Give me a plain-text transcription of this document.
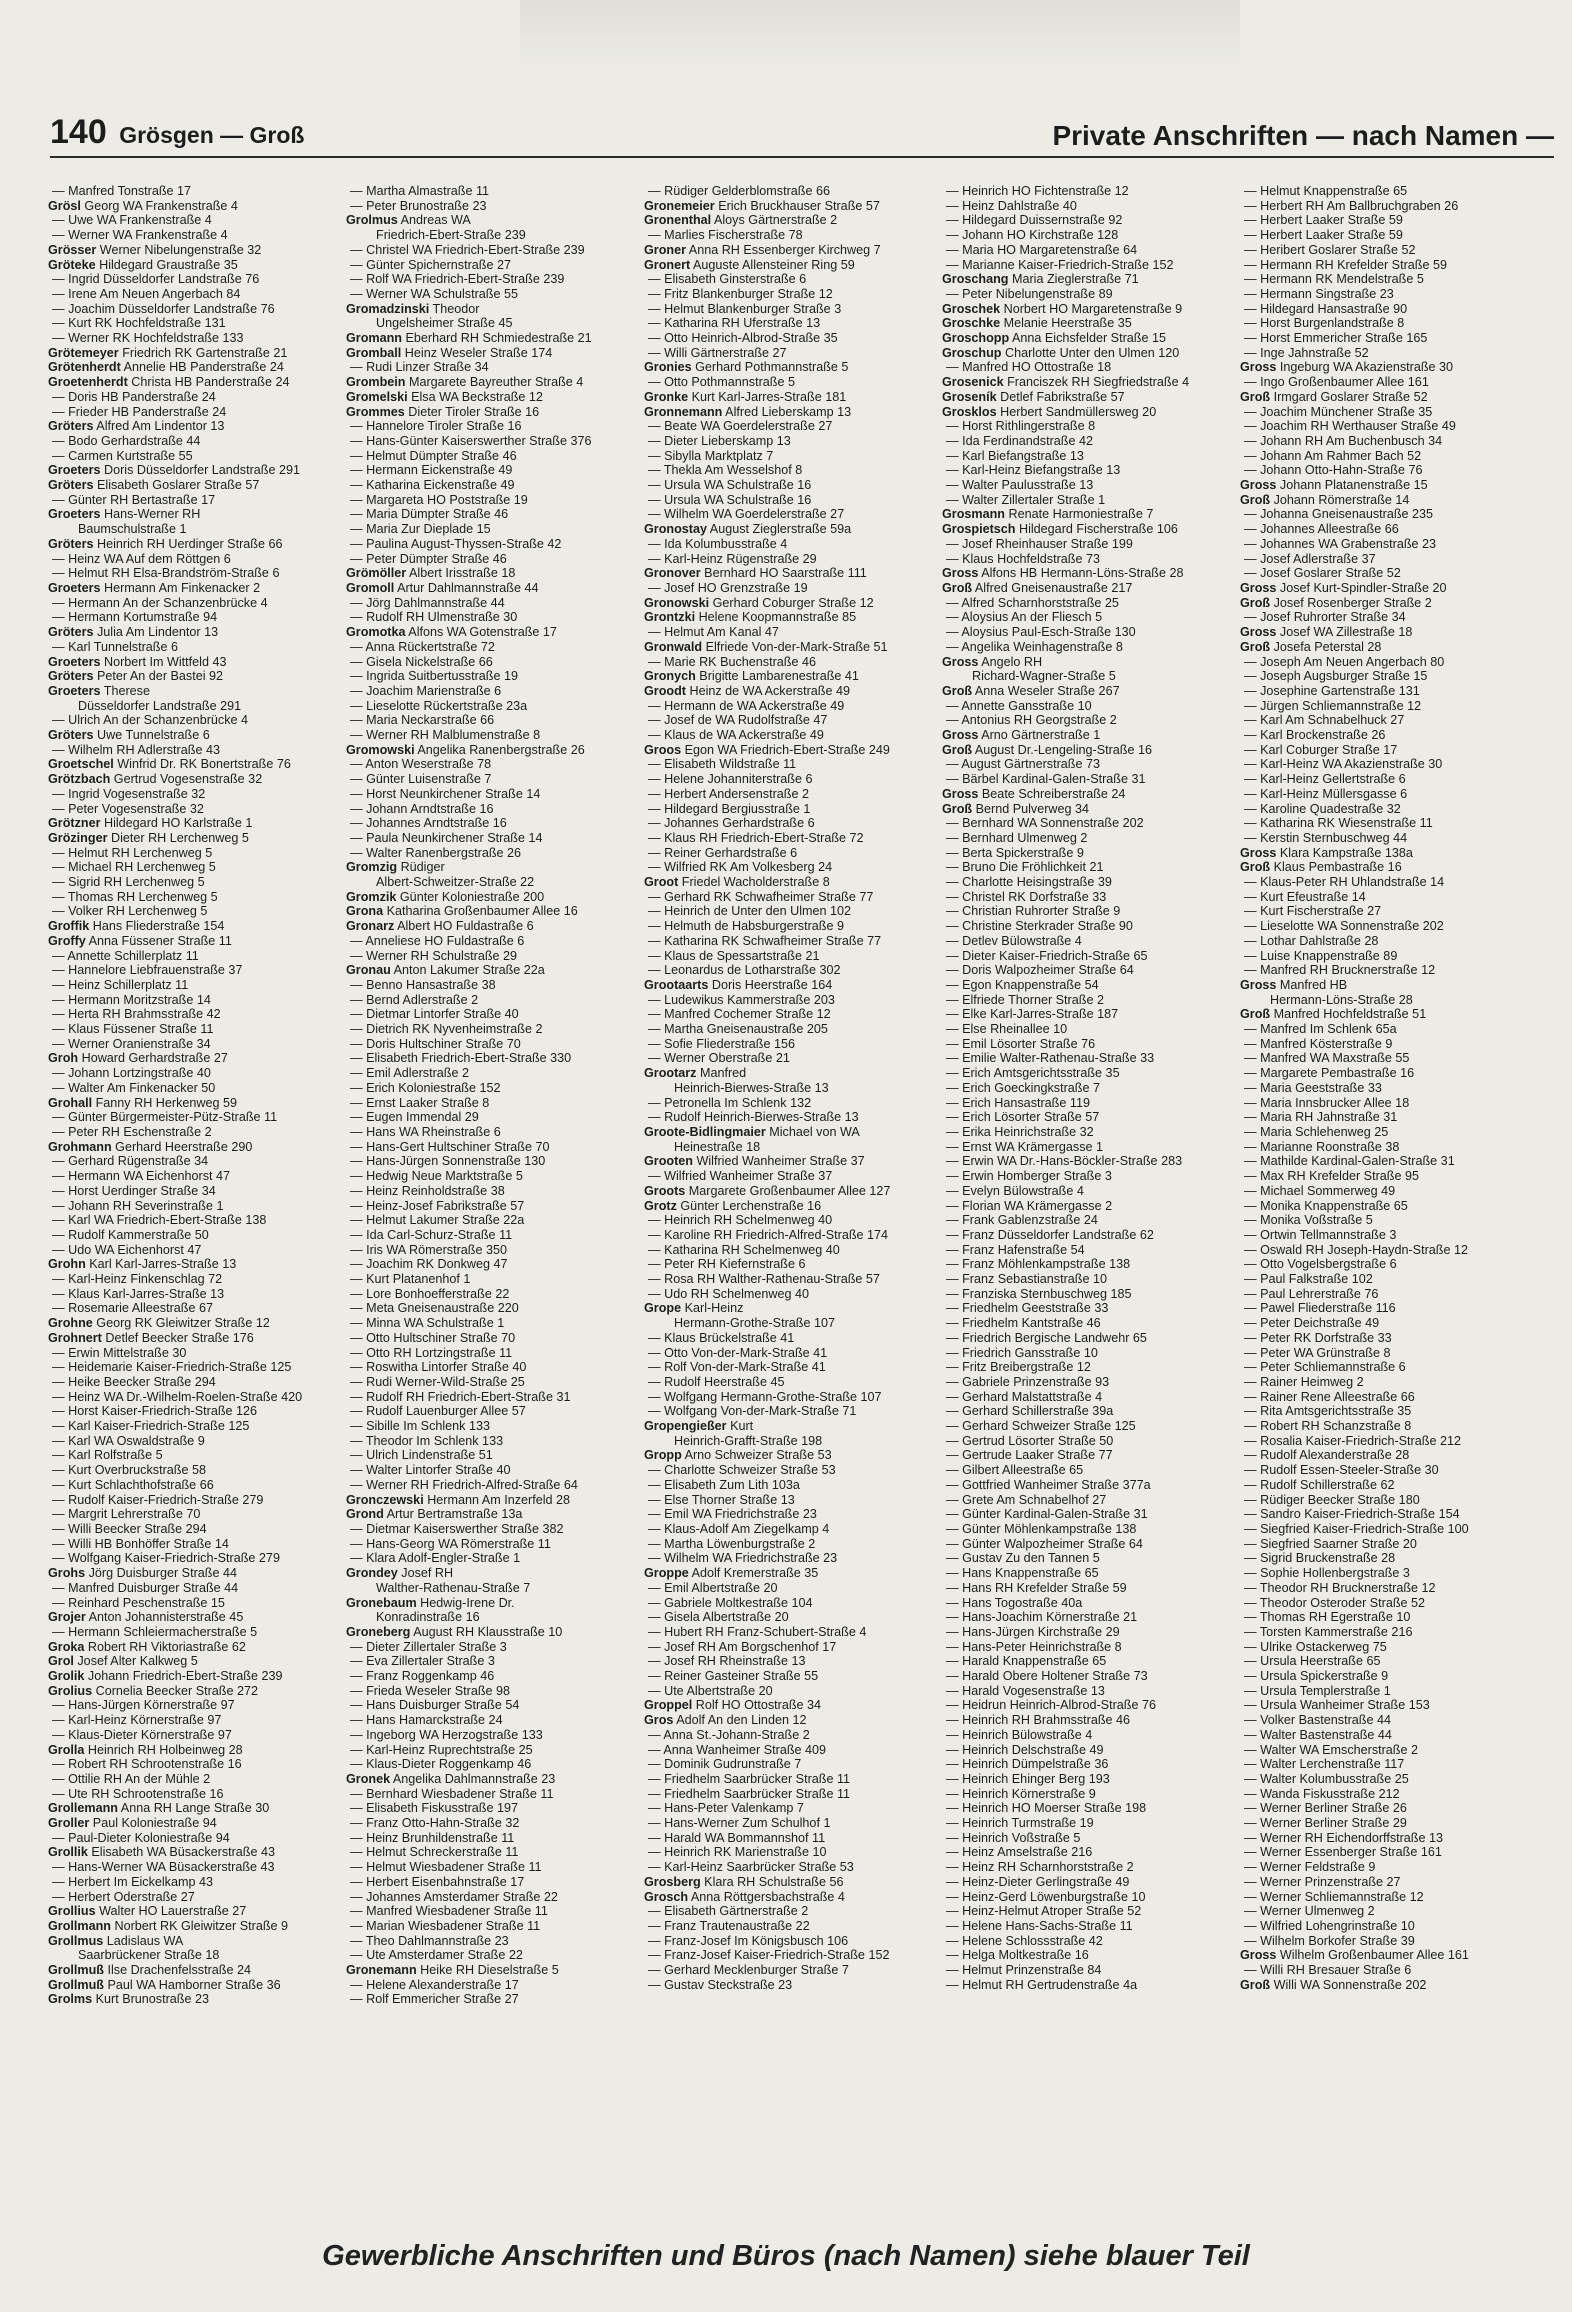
140 Grösgen — Groß	Private Anschriften — nach Namen —
— Manfred Tonstraße 17
Grösl Georg WA Frankenstraße 4
— Uwe WA Frankenstraße 4
— Werner WA Frankenstraße 4
Grösser Werner Nibelungenstraße 32
Gröteke Hildegard Graustraße 35
— Ingrid Düsseldorfer Landstraße 76
— Irene Am Neuen Angerbach 84
— Joachim Düsseldorfer Landstraße 76
— Kurt RK Hochfeldstraße 131
— Werner RK Hochfeldstraße 133
Grötemeyer Friedrich RK Gartenstraße 21
Grötenherdt Annelie HB Panderstraße 24
Groetenherdt Christa HB Panderstraße 24
— Doris HB Panderstraße 24
— Frieder HB Panderstraße 24
Gröters Alfred Am Lindentor 13
— Bodo Gerhardstraße 44
— Carmen Kurtstraße 55
Groeters Doris Düsseldorfer Landstraße 291
Gröters Elisabeth Goslarer Straße 57
— Günter RH Bertastraße 17
Groeters Hans-Werner RH
Baumschulstraße 1
Gröters Heinrich RH Uerdinger Straße 66
— Heinz WA Auf dem Röttgen 6
— Helmut RH Elsa-Brandström-Straße 6
Groeters Hermann Am Finkenacker 2
— Hermann An der Schanzenbrücke 4
— Hermann Kortumstraße 94
Gröters Julia Am Lindentor 13
— Karl Tunnelstraße 6
Groeters Norbert Im Wittfeld 43
Gröters Peter An der Bastei 92
Groeters Therese
Düsseldorfer Landstraße 291
— Ulrich An der Schanzenbrücke 4
Gröters Uwe Tunnelstraße 6
— Wilhelm RH Adlerstraße 43
Groetschel Winfrid Dr. RK Bonertstraße 76
Grötzbach Gertrud Vogesenstraße 32
— Ingrid Vogesenstraße 32
— Peter Vogesenstraße 32
Grötzner Hildegard HO Karlstraße 1
Grözinger Dieter RH Lerchenweg 5
— Helmut RH Lerchenweg 5
— Michael RH Lerchenweg 5
— Sigrid RH Lerchenweg 5
— Thomas RH Lerchenweg 5
— Volker RH Lerchenweg 5
Groffik Hans Fliederstraße 154
Groffy Anna Füssener Straße 11
— Annette Schillerplatz 11
— Hannelore Liebfrauenstraße 37
— Heinz Schillerplatz 11
— Hermann Moritzstraße 14
— Herta RH Brahmsstraße 42
— Klaus Füssener Straße 11
— Werner Oranienstraße 34
Groh Howard Gerhardstraße 27
— Johann Lortzingstraße 40
— Walter Am Finkenacker 50
Grohall Fanny RH Herkenweg 59
— Günter Bürgermeister-Pütz-Straße 11
— Peter RH Eschenstraße 2
Grohmann Gerhard Heerstraße 290
— Gerhard Rügenstraße 34
— Hermann WA Eichenhorst 47
— Horst Uerdinger Straße 34
— Johann RH Severinstraße 1
— Karl WA Friedrich-Ebert-Straße 138
— Rudolf Kammerstraße 50
— Udo WA Eichenhorst 47
Grohn Karl Karl-Jarres-Straße 13
— Karl-Heinz Finkenschlag 72
— Klaus Karl-Jarres-Straße 13
— Rosemarie Alleestraße 67
Grohne Georg RK Gleiwitzer Straße 12
Grohnert Detlef Beecker Straße 176
— Erwin Mittelstraße 30
— Heidemarie Kaiser-Friedrich-Straße 125
— Heike Beecker Straße 294
— Heinz WA Dr.-Wilhelm-Roelen-Straße 420
— Horst Kaiser-Friedrich-Straße 126
— Karl Kaiser-Friedrich-Straße 125
— Karl WA Oswaldstraße 9
— Karl Rolfstraße 5
— Kurt Overbruckstraße 58
— Kurt Schlachthofstraße 66
— Rudolf Kaiser-Friedrich-Straße 279
— Margrit Lehrerstraße 70
— Willi Beecker Straße 294
— Willi HB Bonhöffer Straße 14
— Wolfgang Kaiser-Friedrich-Straße 279
Grohs Jörg Duisburger Straße 44
— Manfred Duisburger Straße 44
— Reinhard Peschenstraße 15
Grojer Anton Johannisterstraße 45
— Hermann Schleiermacherstraße 5
Groka Robert RH Viktoriastraße 62
Grol Josef Alter Kalkweg 5
Grolik Johann Friedrich-Ebert-Straße 239
Grolius Cornelia Beecker Straße 272
— Hans-Jürgen Körnerstraße 97
— Karl-Heinz Körnerstraße 97
— Klaus-Dieter Körnerstraße 97
Grolla Heinrich RH Holbeinweg 28
— Robert RH Schrootenstraße 16
— Ottilie RH An der Mühle 2
— Ute RH Schrootenstraße 16
Grollemann Anna RH Lange Straße 30
Groller Paul Koloniestraße 94
— Paul-Dieter Koloniestraße 94
Grollik Elisabeth WA Büsackerstraße 43
— Hans-Werner WA Büsackerstraße 43
— Herbert Im Eickelkamp 43
— Herbert Oderstraße 27
Grollius Walter HO Lauerstraße 27
Grollmann Norbert RK Gleiwitzer Straße 9
Grollmus Ladislaus WA
Saarbrückener Straße 18
Grollmuß Ilse Drachenfelsstraße 24
Grollmuß Paul WA Hamborner Straße 36
Grolms Kurt Brunostraße 23
— Martha Almastraße 11
— Peter Brunostraße 23
Grolmus Andreas WA
Friedrich-Ebert-Straße 239
— Christel WA Friedrich-Ebert-Straße 239
— Günter Spichernstraße 27
— Rolf WA Friedrich-Ebert-Straße 239
— Werner WA Schulstraße 55
Gromadzinski Theodor
Ungelsheimer Straße 45
Gromann Eberhard RH Schmiedestraße 21
Gromball Heinz Weseler Straße 174
— Rudi Linzer Straße 34
Grombein Margarete Bayreuther Straße 4
Gromelski Elsa WA Beckstraße 12
Grommes Dieter Tiroler Straße 16
— Hannelore Tiroler Straße 16
— Hans-Günter Kaiserswerther Straße 376
— Helmut Dümpter Straße 46
— Hermann Eickenstraße 49
— Katharina Eickenstraße 49
— Margareta HO Poststraße 19
— Maria Dümpter Straße 46
— Maria Zur Dieplade 15
— Paulina August-Thyssen-Straße 42
— Peter Dümpter Straße 46
Grömöller Albert Irisstraße 18
Gromoll Artur Dahlmannstraße 44
— Jörg Dahlmannstraße 44
— Rudolf RH Ulmenstraße 30
Gromotka Alfons WA Gotenstraße 17
— Anna Rückertstraße 72
— Gisela Nickelstraße 66
— Ingrida Suitbertusstraße 19
— Joachim Marienstraße 6
— Lieselotte Rückertstraße 23a
— Maria Neckarstraße 66
— Werner RH Malblumenstraße 8
Gromowski Angelika Ranenbergstraße 26
— Anton Weserstraße 78
— Günter Luisenstraße 7
— Horst Neunkirchener Straße 14
— Johann Arndtstraße 16
— Johannes Arndtstraße 16
— Paula Neunkirchener Straße 14
— Walter Ranenbergstraße 26
Gromzig Rüdiger
Albert-Schweitzer-Straße 22
Gromzik Günter Koloniestraße 200
Grona Katharina Großenbaumer Allee 16
Gronarz Albert HO Fuldastraße 6
— Anneliese HO Fuldastraße 6
— Werner RH Schulstraße 29
Gronau Anton Lakumer Straße 22a
— Benno Hansastraße 38
— Bernd Adlerstraße 2
— Dietmar Lintorfer Straße 40
— Dietrich RK Nyvenheimstraße 2
— Doris Hultschiner Straße 70
— Elisabeth Friedrich-Ebert-Straße 330
— Emil Adlerstraße 2
— Erich Koloniestraße 152
— Ernst Laaker Straße 8
— Eugen Immendal 29
— Hans WA Rheinstraße 6
— Hans-Gert Hultschiner Straße 70
— Hans-Jürgen Sonnenstraße 130
— Hedwig Neue Marktstraße 5
— Heinz Reinholdstraße 38
— Heinz-Josef Fabrikstraße 57
— Helmut Lakumer Straße 22a
— Ida Carl-Schurz-Straße 11
— Iris WA Römerstraße 350
— Joachim RK Donkweg 47
— Kurt Platanenhof 1
— Lore Bonhoefferstraße 22
— Meta Gneisenaustraße 220
— Minna WA Schulstraße 1
— Otto Hultschiner Straße 70
— Otto RH Lortzingstraße 11
— Roswitha Lintorfer Straße 40
— Rudi Werner-Wild-Straße 25
— Rudolf RH Friedrich-Ebert-Straße 31
— Rudolf Lauenburger Allee 57
— Sibille Im Schlenk 133
— Theodor Im Schlenk 133
— Ulrich Lindenstraße 51
— Walter Lintorfer Straße 40
— Werner RH Friedrich-Alfred-Straße 64
Gronczewski Hermann Am Inzerfeld 28
Grond Artur Bertramstraße 13a
— Dietmar Kaiserswerther Straße 382
— Hans-Georg WA Römerstraße 11
— Klara Adolf-Engler-Straße 1
Grondey Josef RH
Walther-Rathenau-Straße 7
Gronebaum Hedwig-Irene Dr.
Konradinstraße 16
Groneberg August RH Klausstraße 10
— Dieter Zillertaler Straße 3
— Eva Zillertaler Straße 3
— Franz Roggenkamp 46
— Frieda Weseler Straße 98
— Hans Duisburger Straße 54
— Hans Hamarckstraße 24
— Ingeborg WA Herzogstraße 133
— Karl-Heinz Ruprechtstraße 25
— Klaus-Dieter Roggenkamp 46
Gronek Angelika Dahlmannstraße 23
— Bernhard Wiesbadener Straße 11
— Elisabeth Fiskusstraße 197
— Franz Otto-Hahn-Straße 32
— Heinz Brunhildenstraße 11
— Helmut Schreckerstraße 11
— Helmut Wiesbadener Straße 11
— Herbert Eisenbahnstraße 17
— Johannes Amsterdamer Straße 22
— Manfred Wiesbadener Straße 11
— Marian Wiesbadener Straße 11
— Theo Dahlmannstraße 23
— Ute Amsterdamer Straße 22
Gronemann Heike RH Dieselstraße 5
— Helene Alexanderstraße 17
— Rolf Emmericher Straße 27
— Rüdiger Gelderblomstraße 66
Gronemeier Erich Bruckhauser Straße 57
Gronenthal Aloys Gärtnerstraße 2
— Marlies Fischerstraße 78
Groner Anna RH Essenberger Kirchweg 7
Gronert Auguste Allensteiner Ring 59
— Elisabeth Ginsterstraße 6
— Fritz Blankenburger Straße 12
— Helmut Blankenburger Straße 3
— Katharina RH Uferstraße 13
— Otto Heinrich-Albrod-Straße 35
— Willi Gärtnerstraße 27
Gronies Gerhard Pothmannstraße 5
— Otto Pothmannstraße 5
Gronke Kurt Karl-Jarres-Straße 181
Gronnemann Alfred Lieberskamp 13
— Beate WA Goerdelerstraße 27
— Dieter Lieberskamp 13
— Sibylla Marktplatz 7
— Thekla Am Wesselshof 8
— Ursula WA Schulstraße 16
— Ursula WA Schulstraße 16
— Wilhelm WA Goerdelerstraße 27
Gronostay August Zieglerstraße 59a
— Ida Kolumbusstraße 4
— Karl-Heinz Rügenstraße 29
Gronover Bernhard HO Saarstraße 111
— Josef HO Grenzstraße 19
Gronowski Gerhard Coburger Straße 12
Grontzki Helene Koopmannstraße 85
— Helmut Am Kanal 47
Gronwald Elfriede Von-der-Mark-Straße 51
— Marie RK Buchenstraße 46
Gronych Brigitte Lambarenestraße 41
Groodt Heinz de WA Ackerstraße 49
— Hermann de WA Ackerstraße 49
— Josef de WA Rudolfstraße 47
— Klaus de WA Ackerstraße 49
Groos Egon WA Friedrich-Ebert-Straße 249
— Elisabeth Wildstraße 11
— Helene Johanniterstraße 6
— Herbert Andersenstraße 2
— Hildegard Bergiusstraße 1
— Johannes Gerhardstraße 6
— Klaus RH Friedrich-Ebert-Straße 72
— Reiner Gerhardstraße 6
— Wilfried RK Am Volkesberg 24
Groot Friedel Wacholderstraße 8
— Gerhard RK Schwafheimer Straße 77
— Heinrich de Unter den Ulmen 102
— Helmuth de Habsburgerstraße 9
— Katharina RK Schwafheimer Straße 77
— Klaus de Spessartstraße 21
— Leonardus de Lotharstraße 302
Grootaarts Doris Heerstraße 164
— Ludewikus Kammerstraße 203
— Manfred Cochemer Straße 12
— Martha Gneisenaustraße 205
— Sofie Fliederstraße 156
— Werner Oberstraße 21
Grootarz Manfred
Heinrich-Bierwes-Straße 13
— Petronella Im Schlenk 132
— Rudolf Heinrich-Bierwes-Straße 13
Groote-Bidlingmaier Michael von WA
Heinestraße 18
Grooten Wilfried Wanheimer Straße 37
— Wilfried Wanheimer Straße 37
Groots Margarete Großenbaumer Allee 127
Grotz Günter Lerchenstraße 16
— Heinrich RH Schelmenweg 40
— Karoline RH Friedrich-Alfred-Straße 174
— Katharina RH Schelmenweg 40
— Peter RH Kiefernstraße 6
— Rosa RH Walther-Rathenau-Straße 57
— Udo RH Schelmenweg 40
Grope Karl-Heinz
Hermann-Grothe-Straße 107
— Klaus Brückelstraße 41
— Otto Von-der-Mark-Straße 41
— Rolf Von-der-Mark-Straße 41
— Rudolf Heerstraße 45
— Wolfgang Hermann-Grothe-Straße 107
— Wolfgang Von-der-Mark-Straße 71
Gropengießer Kurt
Heinrich-Grafft-Straße 198
Gropp Arno Schweizer Straße 53
— Charlotte Schweizer Straße 53
— Elisabeth Zum Lith 103a
— Else Thorner Straße 13
— Emil WA Friedrichstraße 23
— Klaus-Adolf Am Ziegelkamp 4
— Martha Löwenburgstraße 2
— Wilhelm WA Friedrichstraße 23
Groppe Adolf Kremerstraße 35
— Emil Albertstraße 20
— Gabriele Moltkestraße 104
— Gisela Albertstraße 20
— Hubert RH Franz-Schubert-Straße 4
— Josef RH Am Borgschenhof 17
— Josef RH Rheinstraße 13
— Reiner Gasteiner Straße 55
— Ute Albertstraße 20
Groppel Rolf HO Ottostraße 34
Gros Adolf An den Linden 12
— Anna St.-Johann-Straße 2
— Anna Wanheimer Straße 409
— Dominik Gudrunstraße 7
— Friedhelm Saarbrücker Straße 11
— Friedhelm Saarbrücker Straße 11
— Hans-Peter Valenkamp 7
— Hans-Werner Zum Schulhof 1
— Harald WA Bommannshof 11
— Heinrich RK Marienstraße 10
— Karl-Heinz Saarbrücker Straße 53
Grosberg Klara RH Schulstraße 56
Grosch Anna Röttgersbachstraße 4
— Elisabeth Gärtnerstraße 2
— Franz Trautenaustraße 22
— Franz-Josef Im Königsbusch 106
— Franz-Josef Kaiser-Friedrich-Straße 152
— Gerhard Mecklenburger Straße 7
— Gustav Steckstraße 23
— Heinrich HO Fichtenstraße 12
— Heinz Dahlstraße 40
— Hildegard Duissernstraße 92
— Johann HO Kirchstraße 128
— Maria HO Margaretenstraße 64
— Marianne Kaiser-Friedrich-Straße 152
Groschang Maria Zieglerstraße 71
— Peter Nibelungenstraße 89
Groschek Norbert HO Margaretenstraße 9
Groschke Melanie Heerstraße 35
Groschopp Anna Eichsfelder Straße 15
Groschup Charlotte Unter den Ulmen 120
— Manfred HO Ottostraße 18
Grosenick Franciszek RH Siegfriedstraße 4
Groseník Detlef Fabrikstraße 57
Grosklos Herbert Sandmüllersweg 20
— Horst Rithlingerstraße 8
— Ida Ferdinandstraße 42
— Karl Biefangstraße 13
— Karl-Heinz Biefangstraße 13
— Walter Paulusstraße 13
— Walter Zillertaler Straße 1
Grosmann Renate Harmoniestraße 7
Grospietsch Hildegard Fischerstraße 106
— Josef Rheinhauser Straße 199
— Klaus Hochfeldstraße 73
Gross Alfons HB Hermann-Löns-Straße 28
Groß Alfred Gneisenaustraße 217
— Alfred Scharnhorststraße 25
— Aloysius An der Fliesch 5
— Aloysius Paul-Esch-Straße 130
— Angelika Weinhagenstraße 8
Gross Angelo RH
Richard-Wagner-Straße 5
Groß Anna Weseler Straße 267
— Annette Gansstraße 10
— Antonius RH Georgstraße 2
Gross Arno Gärtnerstraße 1
Groß August Dr.-Lengeling-Straße 16
— August Gärtnerstraße 73
— Bärbel Kardinal-Galen-Straße 31
Gross Beate Schreiberstraße 24
Groß Bernd Pulverweg 34
— Bernhard WA Sonnenstraße 202
— Bernhard Ulmenweg 2
— Berta Spickerstraße 9
— Bruno Die Fröhlichkeit 21
— Charlotte Heisingstraße 39
— Christel RK Dorfstraße 33
— Christian Ruhrorter Straße 9
— Christine Sterkrader Straße 90
— Detlev Bülowstraße 4
— Dieter Kaiser-Friedrich-Straße 65
— Doris Walpozheimer Straße 64
— Egon Knappenstraße 54
— Elfriede Thorner Straße 2
— Elke Karl-Jarres-Straße 187
— Else Rheinallee 10
— Emil Lösorter Straße 76
— Emilie Walter-Rathenau-Straße 33
— Erich Amtsgerichtsstraße 35
— Erich Goeckingkstraße 7
— Erich Hansastraße 119
— Erich Lösorter Straße 57
— Erika Heinrichstraße 32
— Ernst WA Krämergasse 1
— Erwin WA Dr.-Hans-Böckler-Straße 283
— Erwin Homberger Straße 3
— Evelyn Bülowstraße 4
— Florian WA Krämergasse 2
— Frank Gablenzstraße 24
— Franz Düsseldorfer Landstraße 62
— Franz Hafenstraße 54
— Franz Möhlenkampstraße 138
— Franz Sebastianstraße 10
— Franziska Sternbuschweg 185
— Friedhelm Geeststraße 33
— Friedhelm Kantstraße 46
— Friedrich Bergische Landwehr 65
— Friedrich Gansstraße 10
— Fritz Breibergstraße 12
— Gabriele Prinzenstraße 93
— Gerhard Malstattstraße 4
— Gerhard Schillerstraße 39a
— Gerhard Schweizer Straße 125
— Gertrud Lösorter Straße 50
— Gertrude Laaker Straße 77
— Gilbert Alleestraße 65
— Gottfried Wanheimer Straße 377a
— Grete Am Schnabelhof 27
— Günter Kardinal-Galen-Straße 31
— Günter Möhlenkampstraße 138
— Günter Walpozheimer Straße 64
— Gustav Zu den Tannen 5
— Hans Knappenstraße 65
— Hans RH Krefelder Straße 59
— Hans Togostraße 40a
— Hans-Joachim Körnerstraße 21
— Hans-Jürgen Kirchstraße 29
— Hans-Peter Heinrichstraße 8
— Harald Knappenstraße 65
— Harald Obere Holtener Straße 73
— Harald Vogesenstraße 13
— Heidrun Heinrich-Albrod-Straße 76
— Heinrich RH Brahmsstraße 46
— Heinrich Bülowstraße 4
— Heinrich Delschstraße 49
— Heinrich Dümpelstraße 36
— Heinrich Ehinger Berg 193
— Heinrich Körnerstraße 9
— Heinrich HO Moerser Straße 198
— Heinrich Turmstraße 19
— Heinrich Voßstraße 5
— Heinz Amselstraße 216
— Heinz RH Scharnhorststraße 2
— Heinz-Dieter Gerlingstraße 49
— Heinz-Gerd Löwenburgstraße 10
— Heinz-Helmut Atroper Straße 52
— Helene Hans-Sachs-Straße 11
— Helene Schlossstraße 42
— Helga Moltkestraße 16
— Helmut Prinzenstraße 84
— Helmut RH Gertrudenstraße 4a
— Helmut Knappenstraße 65
— Herbert RH Am Ballbruchgraben 26
— Herbert Laaker Straße 59
— Herbert Laaker Straße 59
— Heribert Goslarer Straße 52
— Hermann RH Krefelder Straße 59
— Hermann RK Mendelstraße 5
— Hermann Singstraße 23
— Hildegard Hansastraße 90
— Horst Burgenlandstraße 8
— Horst Emmericher Straße 165
— Inge Jahnstraße 52
Gross Ingeburg WA Akazienstraße 30
— Ingo Großenbaumer Allee 161
Groß Irmgard Goslarer Straße 52
— Joachim Münchener Straße 35
— Joachim RH Werthauser Straße 49
— Johann RH Am Buchenbusch 34
— Johann Am Rahmer Bach 52
— Johann Otto-Hahn-Straße 76
Gross Johann Platanenstraße 15
Groß Johann Römerstraße 14
— Johanna Gneisenaustraße 235
— Johannes Alleestraße 66
— Johannes WA Grabenstraße 23
— Josef Adlerstraße 37
— Josef Goslarer Straße 52
Gross Josef Kurt-Spindler-Straße 20
Groß Josef Rosenberger Straße 2
— Josef Ruhrorter Straße 34
Gross Josef WA Zillestraße 18
Groß Josefa Peterstal 28
— Joseph Am Neuen Angerbach 80
— Joseph Augsburger Straße 15
— Josephine Gartenstraße 131
— Jürgen Schliemannstraße 12
— Karl Am Schnabelhuck 27
— Karl Brockenstraße 26
— Karl Coburger Straße 17
— Karl-Heinz WA Akazienstraße 30
— Karl-Heinz Gellertstraße 6
— Karl-Heinz Müllersgasse 6
— Karoline Quadestraße 32
— Katharina RK Wiesenstraße 11
— Kerstin Sternbuschweg 44
Gross Klara Kampstraße 138a
Groß Klaus Pembastraße 16
— Klaus-Peter RH Uhlandstraße 14
— Kurt Efeustraße 14
— Kurt Fischerstraße 27
— Lieselotte WA Sonnenstraße 202
— Lothar Dahlstraße 28
— Luise Knappenstraße 89
— Manfred RH Brucknerstraße 12
Gross Manfred HB
Hermann-Löns-Straße 28
Groß Manfred Hochfeldstraße 51
— Manfred Im Schlenk 65a
— Manfred Kösterstraße 9
— Manfred WA Maxstraße 55
— Margarete Pembastraße 16
— Maria Geeststraße 33
— Maria Innsbrucker Allee 18
— Maria RH Jahnstraße 31
— Maria Schlehenweg 25
— Marianne Roonstraße 38
— Mathilde Kardinal-Galen-Straße 31
— Max RH Krefelder Straße 95
— Michael Sommerweg 49
— Monika Knappenstraße 65
— Monika Voßstraße 5
— Ortwin Tellmannstraße 3
— Oswald RH Joseph-Haydn-Straße 12
— Otto Vogelsbergstraße 6
— Paul Falkstraße 102
— Paul Lehrerstraße 76
— Pawel Fliederstraße 116
— Peter Deichstraße 49
— Peter RK Dorfstraße 33
— Peter WA Grünstraße 8
— Peter Schliemannstraße 6
— Rainer Heimweg 2
— Rainer Rene Alleestraße 66
— Rita Amtsgerichtsstraße 35
— Robert RH Schanzstraße 8
— Rosalia Kaiser-Friedrich-Straße 212
— Rudolf Alexanderstraße 28
— Rudolf Essen-Steeler-Straße 30
— Rudolf Schillerstraße 62
— Rüdiger Beecker Straße 180
— Sandro Kaiser-Friedrich-Straße 154
— Siegfried Kaiser-Friedrich-Straße 100
— Siegfried Saarner Straße 20
— Sigrid Bruckenstraße 28
— Sophie Hollenbergstraße 3
— Theodor RH Brucknerstraße 12
— Theodor Osteroder Straße 52
— Thomas RH Egerstraße 10
— Torsten Kammerstraße 216
— Ulrike Ostackerweg 75
— Ursula Heerstraße 65
— Ursula Spickerstraße 9
— Ursula Templerstraße 1
— Ursula Wanheimer Straße 153
— Volker Bastenstraße 44
— Walter Bastenstraße 44
— Walter WA Emscherstraße 2
— Walter Lerchenstraße 117
— Walter Kolumbusstraße 25
— Wanda Fiskusstraße 212
— Werner Berliner Straße 26
— Werner Berliner Straße 29
— Werner RH Eichendorffstraße 13
— Werner Essenberger Straße 161
— Werner Feldstraße 9
— Werner Prinzenstraße 27
— Werner Schliemannstraße 12
— Werner Ulmenweg 2
— Wilfried Lohengrinstraße 10
— Wilhelm Borkofer Straße 39
Gross Wilhelm Großenbaumer Allee 161
— Willi RH Bresauer Straße 6
Groß Willi WA Sonnenstraße 202
Gewerbliche Anschriften und Büros (nach Namen) siehe blauer Teil
